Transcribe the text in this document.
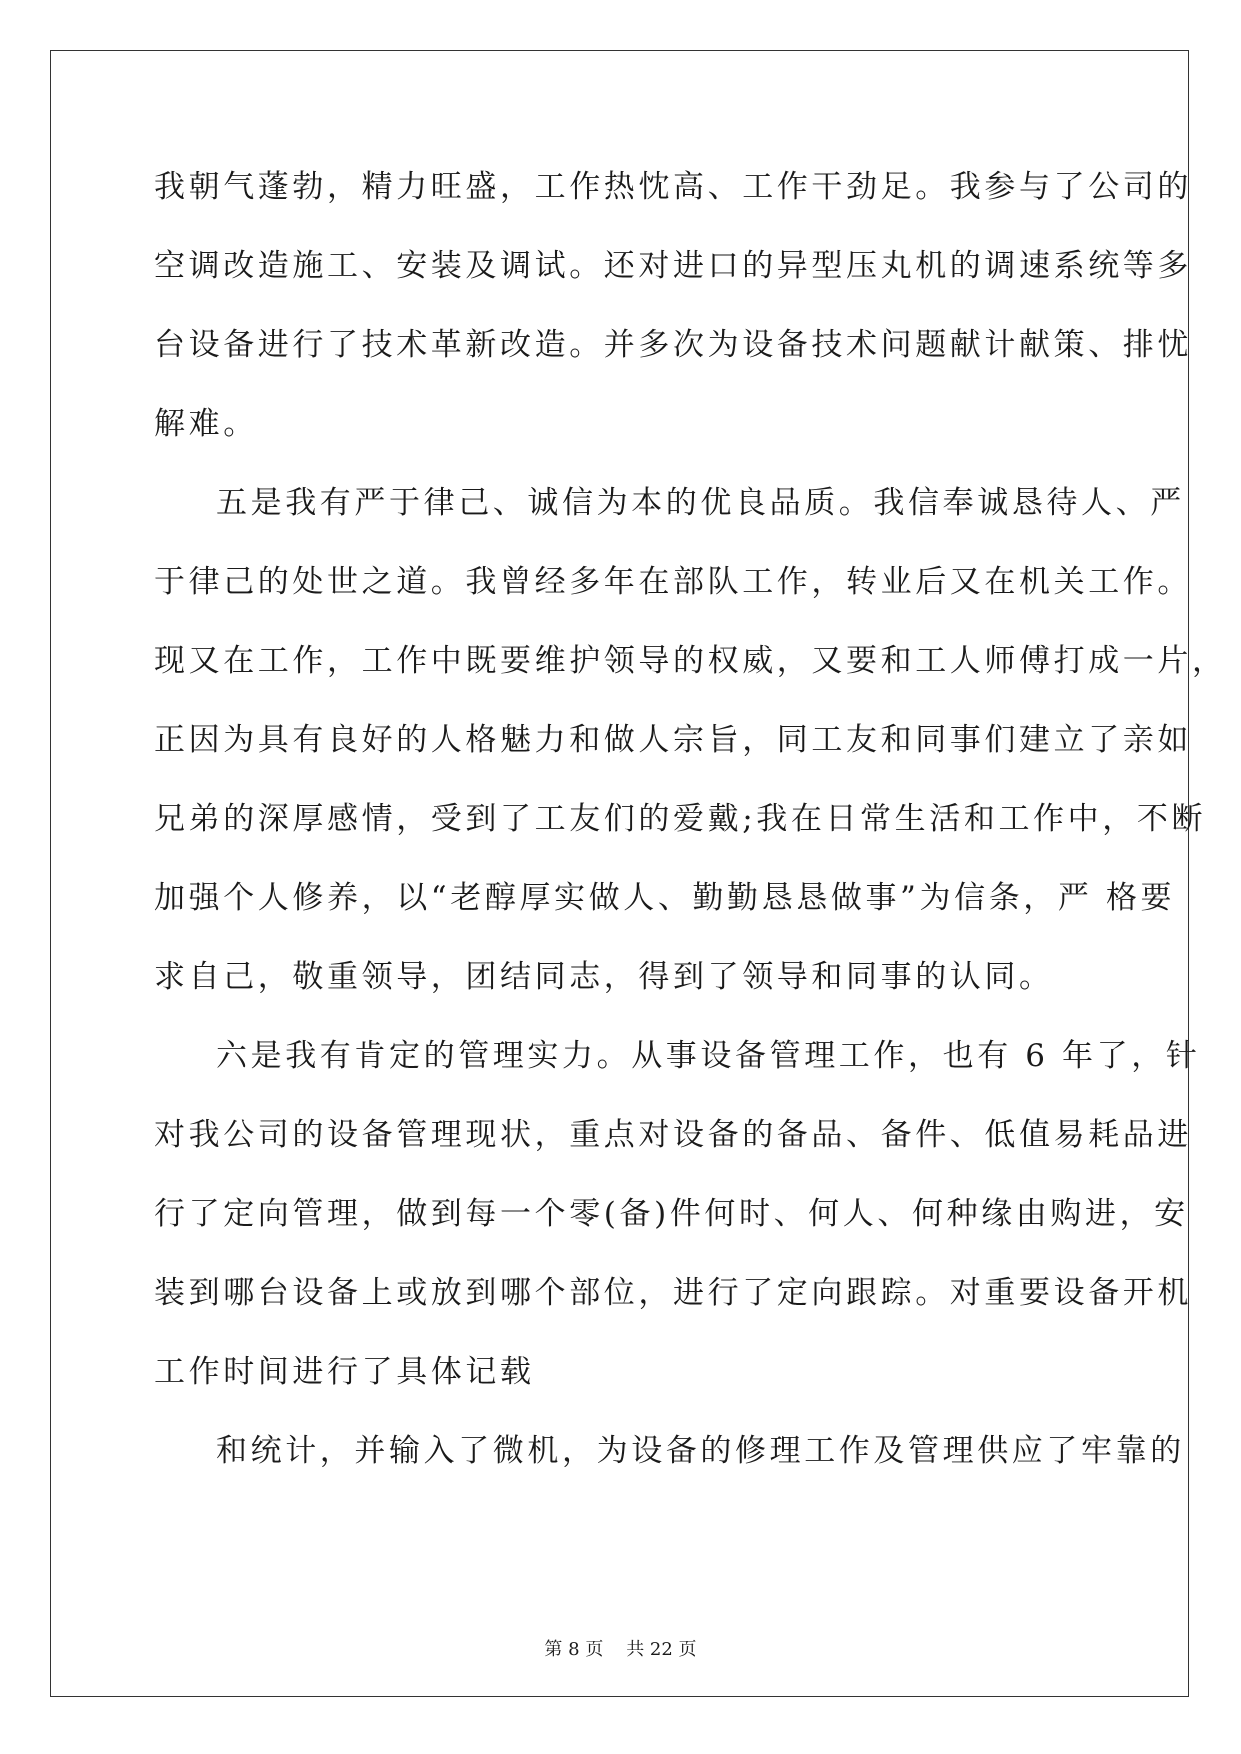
我朝气蓬勃，精力旺盛，工作热忱高、工作干劲足。我参与了公司的
空调改造施工、安装及调试。还对进口的异型压丸机的调速系统等多
台设备进行了技术革新改造。并多次为设备技术问题献计献策、排忧
解难。
五是我有严于律己、诚信为本的优良品质。我信奉诚恳待人、严
于律己的处世之道。我曾经多年在部队工作，转业后又在机关工作。
现又在工作，工作中既要维护领导的权威，又要和工人师傅打成一片，
正因为具有良好的人格魅力和做人宗旨，同工友和同事们建立了亲如
兄弟的深厚感情，受到了工友们的爱戴;我在日常生活和工作中，不断
加强个人修养，以“老醇厚实做人、勤勤恳恳做事”为信条，严 格要
求自己，敬重领导，团结同志，得到了领导和同事的认同。
六是我有肯定的管理实力。从事设备管理工作，也有 6 年了，针
对我公司的设备管理现状，重点对设备的备品、备件、低值易耗品进
行了定向管理，做到每一个零(备)件何时、何人、何种缘由购进，安
装到哪台设备上或放到哪个部位，进行了定向跟踪。对重要设备开机
工作时间进行了具体记载
和统计，并输入了微机，为设备的修理工作及管理供应了牢靠的
第 8 页    共 22 页
